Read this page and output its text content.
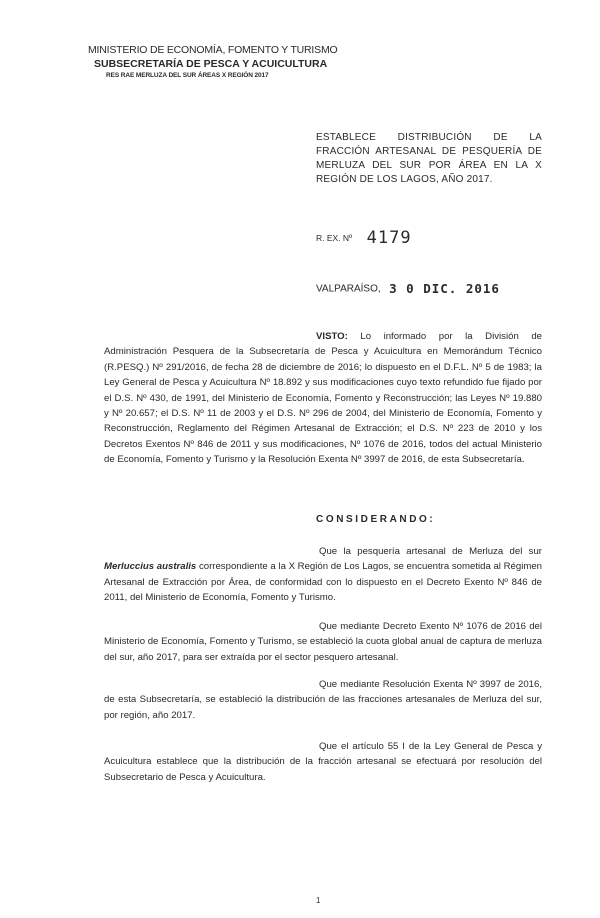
MINISTERIO DE ECONOMÍA, FOMENTO Y TURISMO
SUBSECRETARÍA DE PESCA Y ACUICULTURA
RES RAE MERLUZA DEL SUR ÁREAS X REGIÓN 2017
ESTABLECE DISTRIBUCIÓN DE LA FRACCIÓN ARTESANAL DE PESQUERÍA DE MERLUZA DEL SUR POR ÁREA EN LA X REGIÓN DE LOS LAGOS, AÑO 2017.
R. EX. Nº 4179
VALPARAÍSO, 3 0 DIC. 2016
VISTO: Lo informado por la División de Administración Pesquera de la Subsecretaría de Pesca y Acuicultura en Memorándum Técnico (R.PESQ.) Nº 291/2016, de fecha 28 de diciembre de 2016; lo dispuesto en el D.F.L. Nº 5 de 1983; la Ley General de Pesca y Acuicultura Nº 18.892 y sus modificaciones cuyo texto refundido fue fijado por el D.S. Nº 430, de 1991, del Ministerio de Economía, Fomento y Reconstrucción; las Leyes Nº 19.880 y Nº 20.657; el D.S. Nº 11 de 2003 y el D.S. Nº 296 de 2004, del Ministerio de Economía, Fomento y Reconstrucción, Reglamento del Régimen Artesanal de Extracción; el D.S. Nº 223 de 2010 y los Decretos Exentos Nº 846 de 2011 y sus modificaciones, Nº 1076 de 2016, todos del actual Ministerio de Economía, Fomento y Turismo y la Resolución Exenta Nº 3997 de 2016, de esta Subsecretaría.
CONSIDERANDO:
Que la pesquería artesanal de Merluza del sur Merluccius australis correspondiente a la X Región de Los Lagos, se encuentra sometida al Régimen Artesanal de Extracción por Área, de conformidad con lo dispuesto en el Decreto Exento Nº 846 de 2011, del Ministerio de Economía, Fomento y Turismo.
Que mediante Decreto Exento Nº 1076 de 2016 del Ministerio de Economía, Fomento y Turismo, se estableció la cuota global anual de captura de merluza del sur, año 2017, para ser extraída por el sector pesquero artesanal.
Que mediante Resolución Exenta Nº 3997 de 2016, de esta Subsecretaría, se estableció la distribución de las fracciones artesanales de Merluza del sur, por región, año 2017.
Que el artículo 55 I de la Ley General de Pesca y Acuicultura establece que la distribución de la fracción artesanal se efectuará por resolución del Subsecretario de Pesca y Acuicultura.
1
